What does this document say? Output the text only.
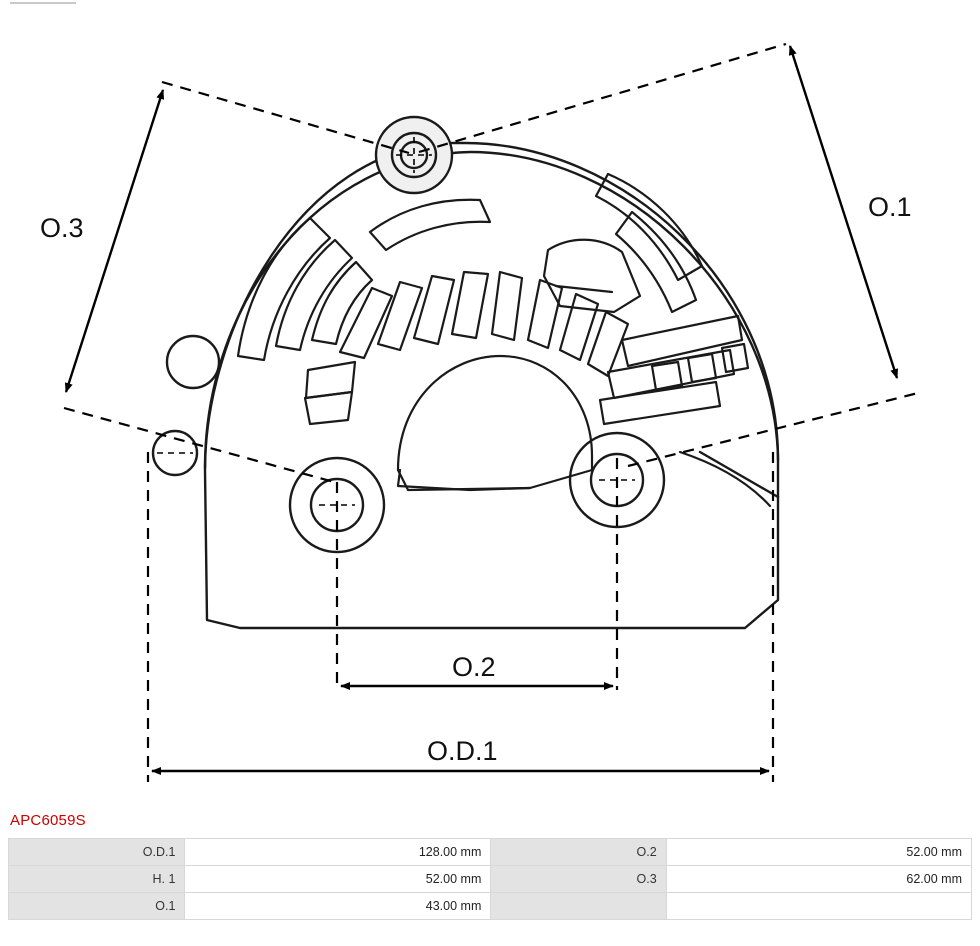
O.3
O.1
O.2
O.D.1
APC6059S
O.D.1	128.00 mm	O.2	52.00 mm
H. 1	52.00 mm	O.3	62.00 mm
O.1	43.00 mm		
